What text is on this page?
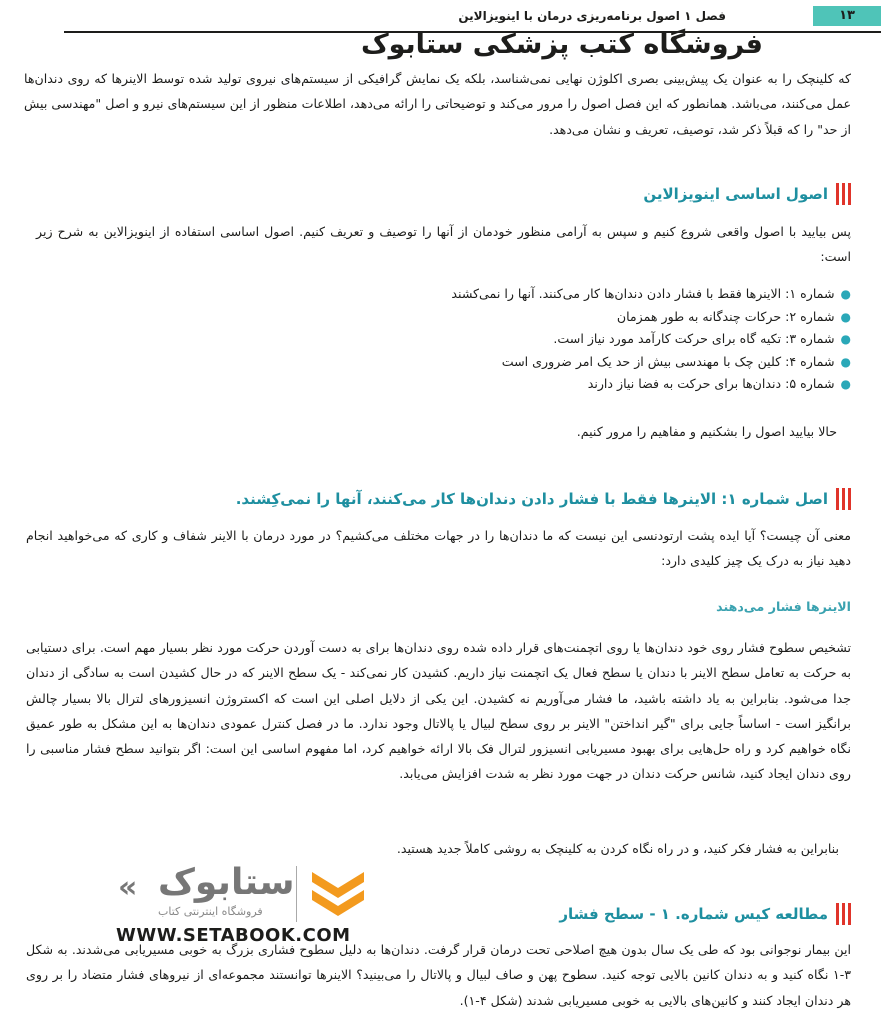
فصل ۱ اصول برنامه‌ریزی درمان با اینویزالاین	۱۳
فروشگاه کتب پزشکی ستابوک
که کلینچک را به عنوان یک پیش‌بینی بصری اکلوژن نهایی نمی‌شناسد، بلکه یک نمایش گرافیکی از سیستم‌های نیروی تولید شده توسط الاینرها که روی دندان‌ها عمل می‌کنند، می‌باشد. همانطور که این فصل اصول را مرور می‌کند و توضیحاتی را ارائه می‌دهد، اطلاعات منظور از این سیستم‌های نیرو و اصل "مهندسی بیش از حد" را که قبلاً ذکر شد، توصیف، تعریف و نشان می‌دهد.
اصول اساسی اینویزالاین
پس بیایید با اصول واقعی شروع کنیم و سپس به آرامی منظور خودمان از آنها را توصیف و تعریف کنیم. اصول اساسی استفاده از اینویزالاین به شرح زیر است:
●
شماره ۱: الاینرها فقط با فشار دادن دندان‌ها کار می‌کنند. آنها را نمی‌کشند
●
شماره ۲: حرکات چندگانه به طور همزمان
●
شماره ۳: تکیه گاه برای حرکت کارآمد مورد نیاز است.
●
شماره ۴: کلین چک با مهندسی بیش از حد یک امر ضروری است
●
شماره ۵: دندان‌ها برای حرکت به فضا نیاز دارند
حالا بیایید اصول را بشکنیم و مفاهیم را مرور کنیم.
اصل شماره ۱: الاینرها فقط با فشار دادن دندان‌ها کار می‌کنند، آنها را نمی‌کِشند.
معنی آن چیست؟ آیا ایده پشت ارتودنسی این نیست که ما دندان‌ها را در جهات مختلف می‌کشیم؟ در مورد درمان با الاینر شفاف و کاری که می‌خواهید انجام دهید نیاز به درک یک چیز کلیدی دارد:
الاینرها فشار می‌دهند
تشخیص سطوح فشار روی خود دندان‌ها یا روی اتچمنت‌های قرار داده شده روی دندان‌ها برای به دست آوردن حرکت مورد نظر بسیار مهم است. برای دستیابی به حرکت به تعامل سطح الاینر با دندان یا سطح فعال یک اتچمنت نیاز داریم. کشیدن کار نمی‌کند - یک سطح الاینر که در حال کشیدن است به سادگی از دندان جدا می‌شود. بنابراین به یاد داشته باشید، ما فشار می‌آوریم نه کشیدن. این یکی از دلایل اصلی این است که اکستروژن انسیزورهای لترال بالا بسیار چالش برانگیز است - اساساً جایی برای "گیر انداختن" الاینر بر روی سطح لبیال یا پالاتال وجود ندارد. ما در فصل کنترل عمودی دندان‌ها به این مشکل به طور عمیق نگاه خواهیم کرد و راه حل‌هایی برای بهبود مسیریابی انسیزور لترال فک بالا ارائه خواهیم کرد، اما مفهوم اساسی این است: اگر بتوانید سطح فشار مناسبی را روی دندان ایجاد کنید، شانس حرکت دندان در جهت مورد نظر به شدت افزایش می‌یابد.
بنابراین به فشار فکر کنید، و در راه نگاه کردن به کلینچک به روشی کاملاً جدید هستید.
« ستابوک
فروشگاه اینترنتی کتاب
WWW.SETABOOK.COM
مطالعه کیس شماره. ۱ - سطح فشار
این بیمار نوجوانی بود که طی یک سال بدون هیچ اصلاحی تحت درمان قرار گرفت. دندان‌ها به دلیل سطوح فشاری بزرگ به خوبی مسیریابی می‌شدند. به شکل ۳-۱ نگاه کنید و به دندان کانین بالایی توجه کنید. سطوح پهن و صاف لبیال و پالاتال را می‌بینید؟ الاینرها توانستند مجموعه‌ای از نیروهای فشار متضاد را بر روی هر دندان ایجاد کنند و کانین‌های بالایی به خوبی مسیریابی شدند (شکل ۴-۱).
